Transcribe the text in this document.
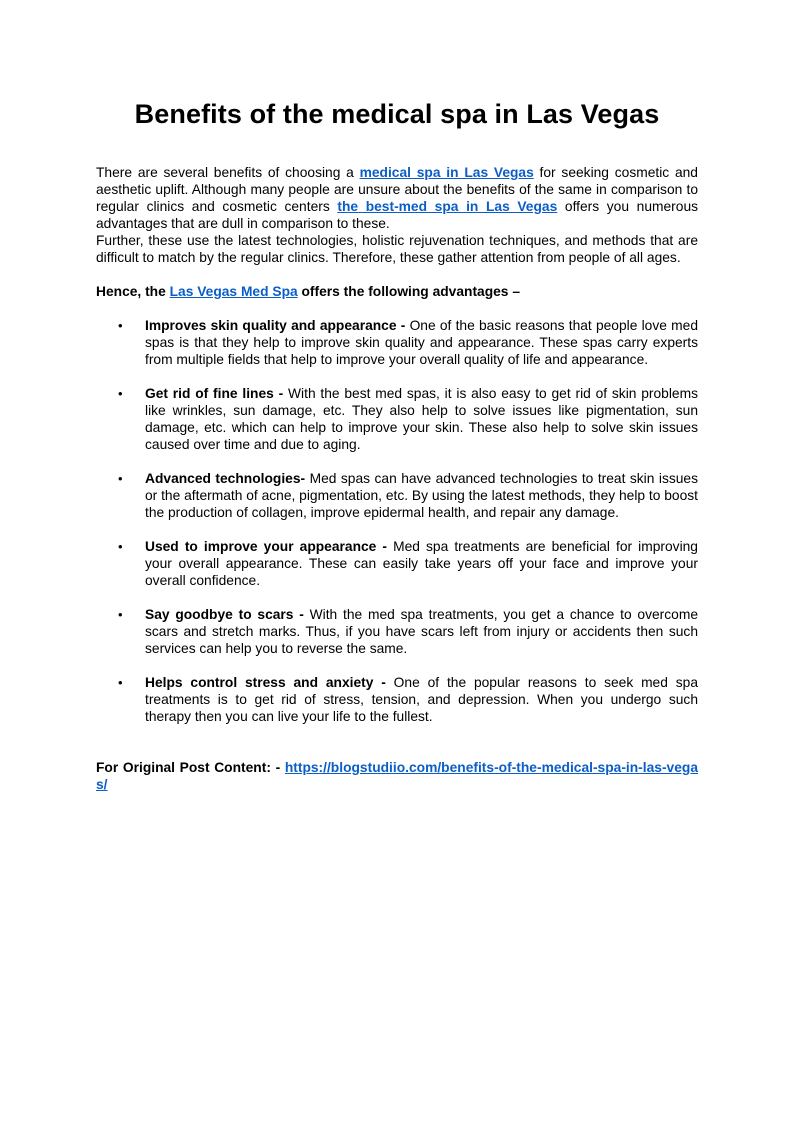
Benefits of the medical spa in Las Vegas

There are several benefits of choosing a medical spa in Las Vegas for seeking cosmetic and aesthetic uplift. Although many people are unsure about the benefits of the same in comparison to regular clinics and cosmetic centers the best-med spa in Las Vegas offers you numerous advantages that are dull in comparison to these.

Further, these use the latest technologies, holistic rejuvenation techniques, and methods that are difficult to match by the regular clinics. Therefore, these gather attention from people of all ages.

Hence, the Las Vegas Med Spa offers the following advantages –
• Improves skin quality and appearance - One of the basic reasons that people love med spas is that they help to improve skin quality and appearance. These spas carry experts from multiple fields that help to improve your overall quality of life and appearance.
• Get rid of fine lines - With the best med spas, it is also easy to get rid of skin problems like wrinkles, sun damage, etc. They also help to solve issues like pigmentation, sun damage, etc. which can help to improve your skin. These also help to solve skin issues caused over time and due to aging.
• Advanced technologies- Med spas can have advanced technologies to treat skin issues or the aftermath of acne, pigmentation, etc. By using the latest methods, they help to boost the production of collagen, improve epidermal health, and repair any damage.
• Used to improve your appearance - Med spa treatments are beneficial for improving your overall appearance. These can easily take years off your face and improve your overall confidence.
• Say goodbye to scars - With the med spa treatments, you get a chance to overcome scars and stretch marks. Thus, if you have scars left from injury or accidents then such services can help you to reverse the same.
• Helps control stress and anxiety - One of the popular reasons to seek med spa treatments is to get rid of stress, tension, and depression. When you undergo such therapy then you can live your life to the fullest.
For Original Post Content: - https://blogstudiio.com/benefits-of-the-medical-spa-in-las-vegas/
